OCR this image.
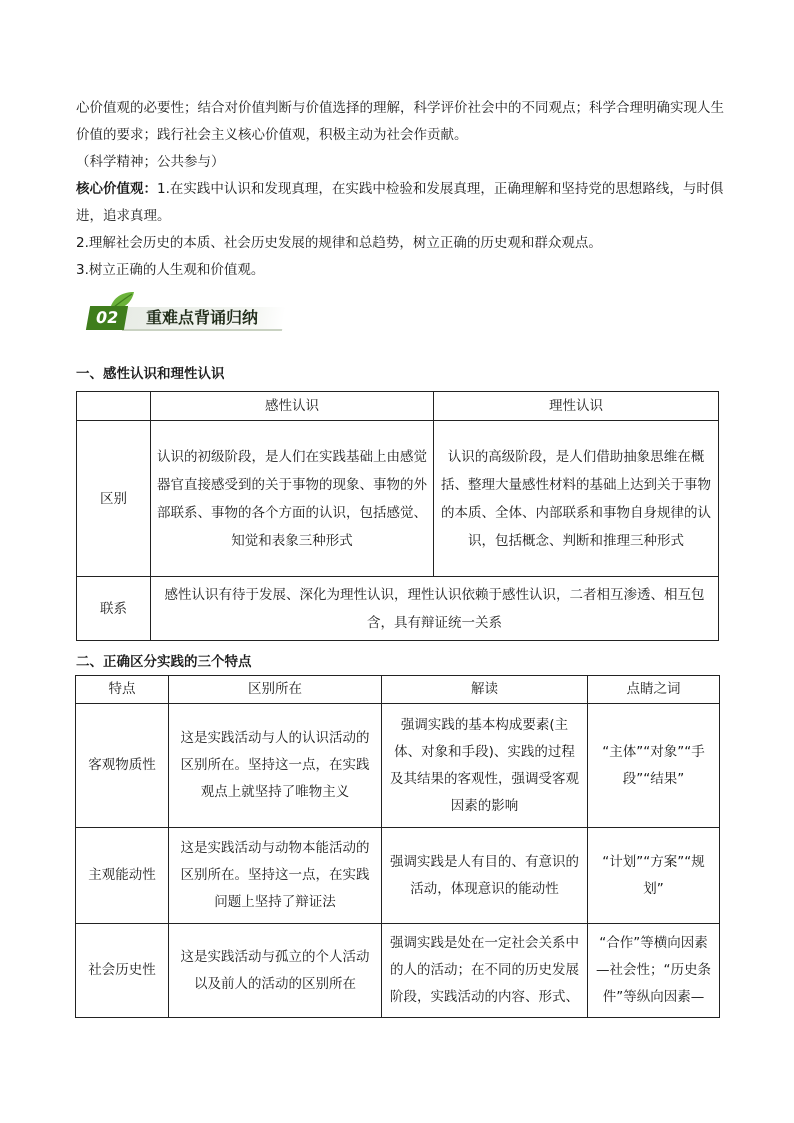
心价值观的必要性；结合对价值判断与价值选择的理解，科学评价社会中的不同观点；科学合理明确实现人生价值的要求；践行社会主义核心价值观，积极主动为社会作贡献。

（科学精神；公共参与）

核心价值观：1.在实践中认识和发现真理，在实践中检验和发展真理，正确理解和坚持党的思想路线，与时俱进，追求真理。

2.理解社会历史的本质、社会历史发展的规律和总趋势，树立正确的历史观和群众观点。

3.树立正确的人生观和价值观。

02	重难点背诵归纳
一、感性认识和理性认识
	感性认识	理性认识
区别	认识的初级阶段，是人们在实践基础上由感觉器官直接感受到的关于事物的现象、事物的外部联系、事物的各个方面的认识，包括感觉、知觉和表象三种形式	认识的高级阶段，是人们借助抽象思维在概括、整理大量感性材料的基础上达到关于事物的本质、全体、内部联系和事物自身规律的认识，包括概念、判断和推理三种形式
联系	感性认识有待于发展、深化为理性认识，理性认识依赖于感性认识，二者相互渗透、相互包含，具有辩证统一关系	
二、正确区分实践的三个特点
特点	区别所在	解读	点睛之词
客观物质性	这是实践活动与人的认识活动的区别所在。坚持这一点，在实践观点上就坚持了唯物主义	强调实践的基本构成要素(主体、对象和手段)、实践的过程及其结果的客观性，强调受客观因素的影响	“主体”“对象”“手段”“结果”
主观能动性	这是实践活动与动物本能活动的区别所在。坚持这一点，在实践问题上坚持了辩证法	强调实践是人有目的、有意识的活动，体现意识的能动性	“计划”“方案”“规划”
社会历史性	这是实践活动与孤立的个人活动以及前人的活动的区别所在	强调实践是处在一定社会关系中的人的活动；在不同的历史发展阶段，实践活动的内容、形式、	“合作”等横向因素—社会性；“历史条件”等纵向因素—
